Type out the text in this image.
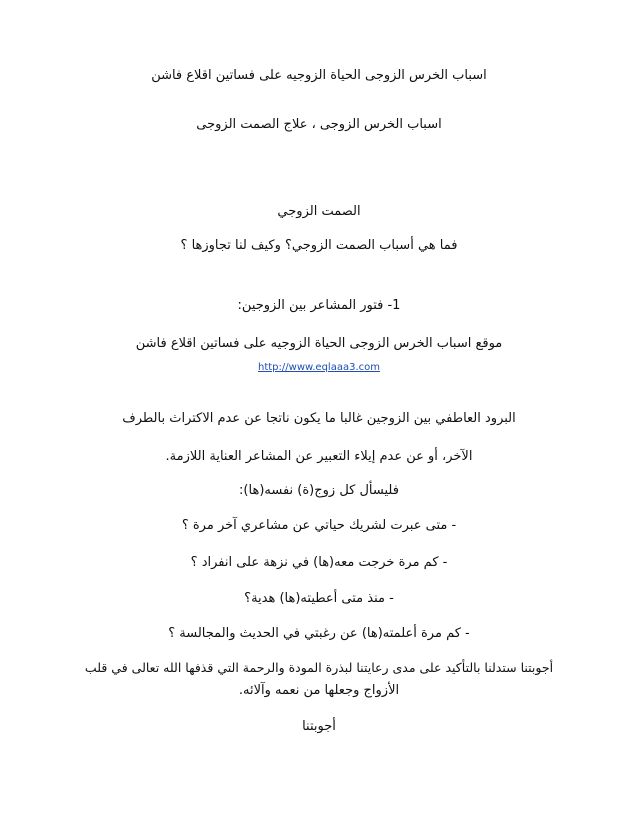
اسباب الخرس الزوجى الحياة الزوجيه على فساتين اقلاع فاشن
اسباب الخرس الزوجى ، علاج الصمت الزوجى
الصمت الزوجي
فما هي أسباب الصمت الزوجي؟ وكيف لنا تجاوزها ؟
1- فتور المشاعر بين الزوجين:
موقع اسباب الخرس الزوجى الحياة الزوجيه على فساتين اقلاع فاشن
http://www.eqlaaa3.com
البرود العاطفي بين الزوجين غالبا ما يكون ناتجا عن عدم الاكتراث بالطرف
الآخر، أو عن عدم إيلاء التعبير عن المشاعر العناية اللازمة.
فليسأل كل زوج(ة) نفسه(ها):
- متى عبرت لشريك حياتي عن مشاعري آخر مرة ؟
- كم مرة خرجت معه(ها) في نزهة على انفراد ؟
- منذ متى أعطيته(ها) هدية؟
- كم مرة أعلمته(ها) عن رغبتي في الحديث والمجالسة ؟
أجوبتنا ستدلنا بالتأكيد على مدى رعايتنا لبذرة المودة والرحمة التي قذفها الله تعالى في قلب
الأزواج وجعلها من نعمه وآلائه.
أجوبتنا
